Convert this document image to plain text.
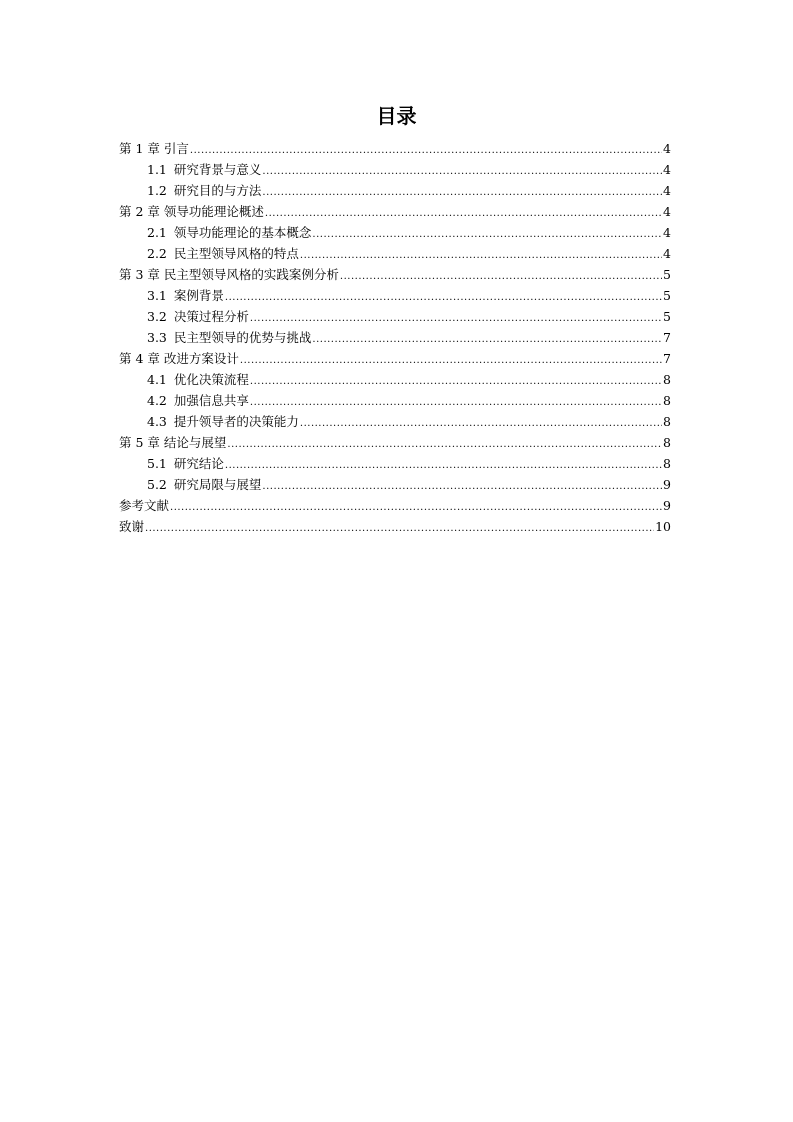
目录
第 1 章 引言 .....	4
1.1 研究背景与意义 .....	4
1.2 研究目的与方法 .....	4
第 2 章 领导功能理论概述 .....	4
2.1 领导功能理论的基本概念 .....	4
2.2 民主型领导风格的特点 .....	4
第 3 章 民主型领导风格的实践案例分析 .....	5
3.1 案例背景 .....	5
3.2 决策过程分析 .....	5
3.3 民主型领导的优势与挑战 .....	7
第 4 章 改进方案设计 .....	7
4.1 优化决策流程 .....	8
4.2 加强信息共享 .....	8
4.3 提升领导者的决策能力 .....	8
第 5 章 结论与展望 .....	8
5.1 研究结论 .....	8
5.2 研究局限与展望 .....	9
参考文献 .....	9
致谢 .....	10
